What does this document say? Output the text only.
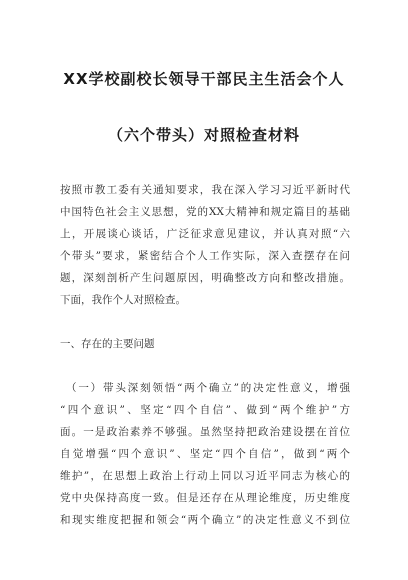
XX学校副校长领导干部民主生活会个人
（六个带头）对照检查材料
按照市教工委有关通知要求，我在深入学习习近平新时代
中国特色社会主义思想，党的XX大精神和规定篇目的基础
上，开展谈心谈话，广泛征求意见建议，并认真对照“六
个带头”要求，紧密结合个人工作实际，深入查摆存在问
题，深刻剖析产生问题原因，明确整改方向和整改措施。
下面，我作个人对照检查。
一、存在的主要问题
（一）带头深刻领悟“两个确立”的决定性意义，增强
“四个意识”、坚定“四个自信”、做到“两个维护”方
面。一是政治素养不够强。虽然坚持把政治建设摆在首位
自觉增强“四个意识”、坚定“四个自信”，做到“两个
维护”，在思想上政治上行动上同以习近平同志为核心的
党中央保持高度一致。但是还存在从理论维度，历史维度
和现实维度把握和领会“两个确立”的决定性意义不到位
